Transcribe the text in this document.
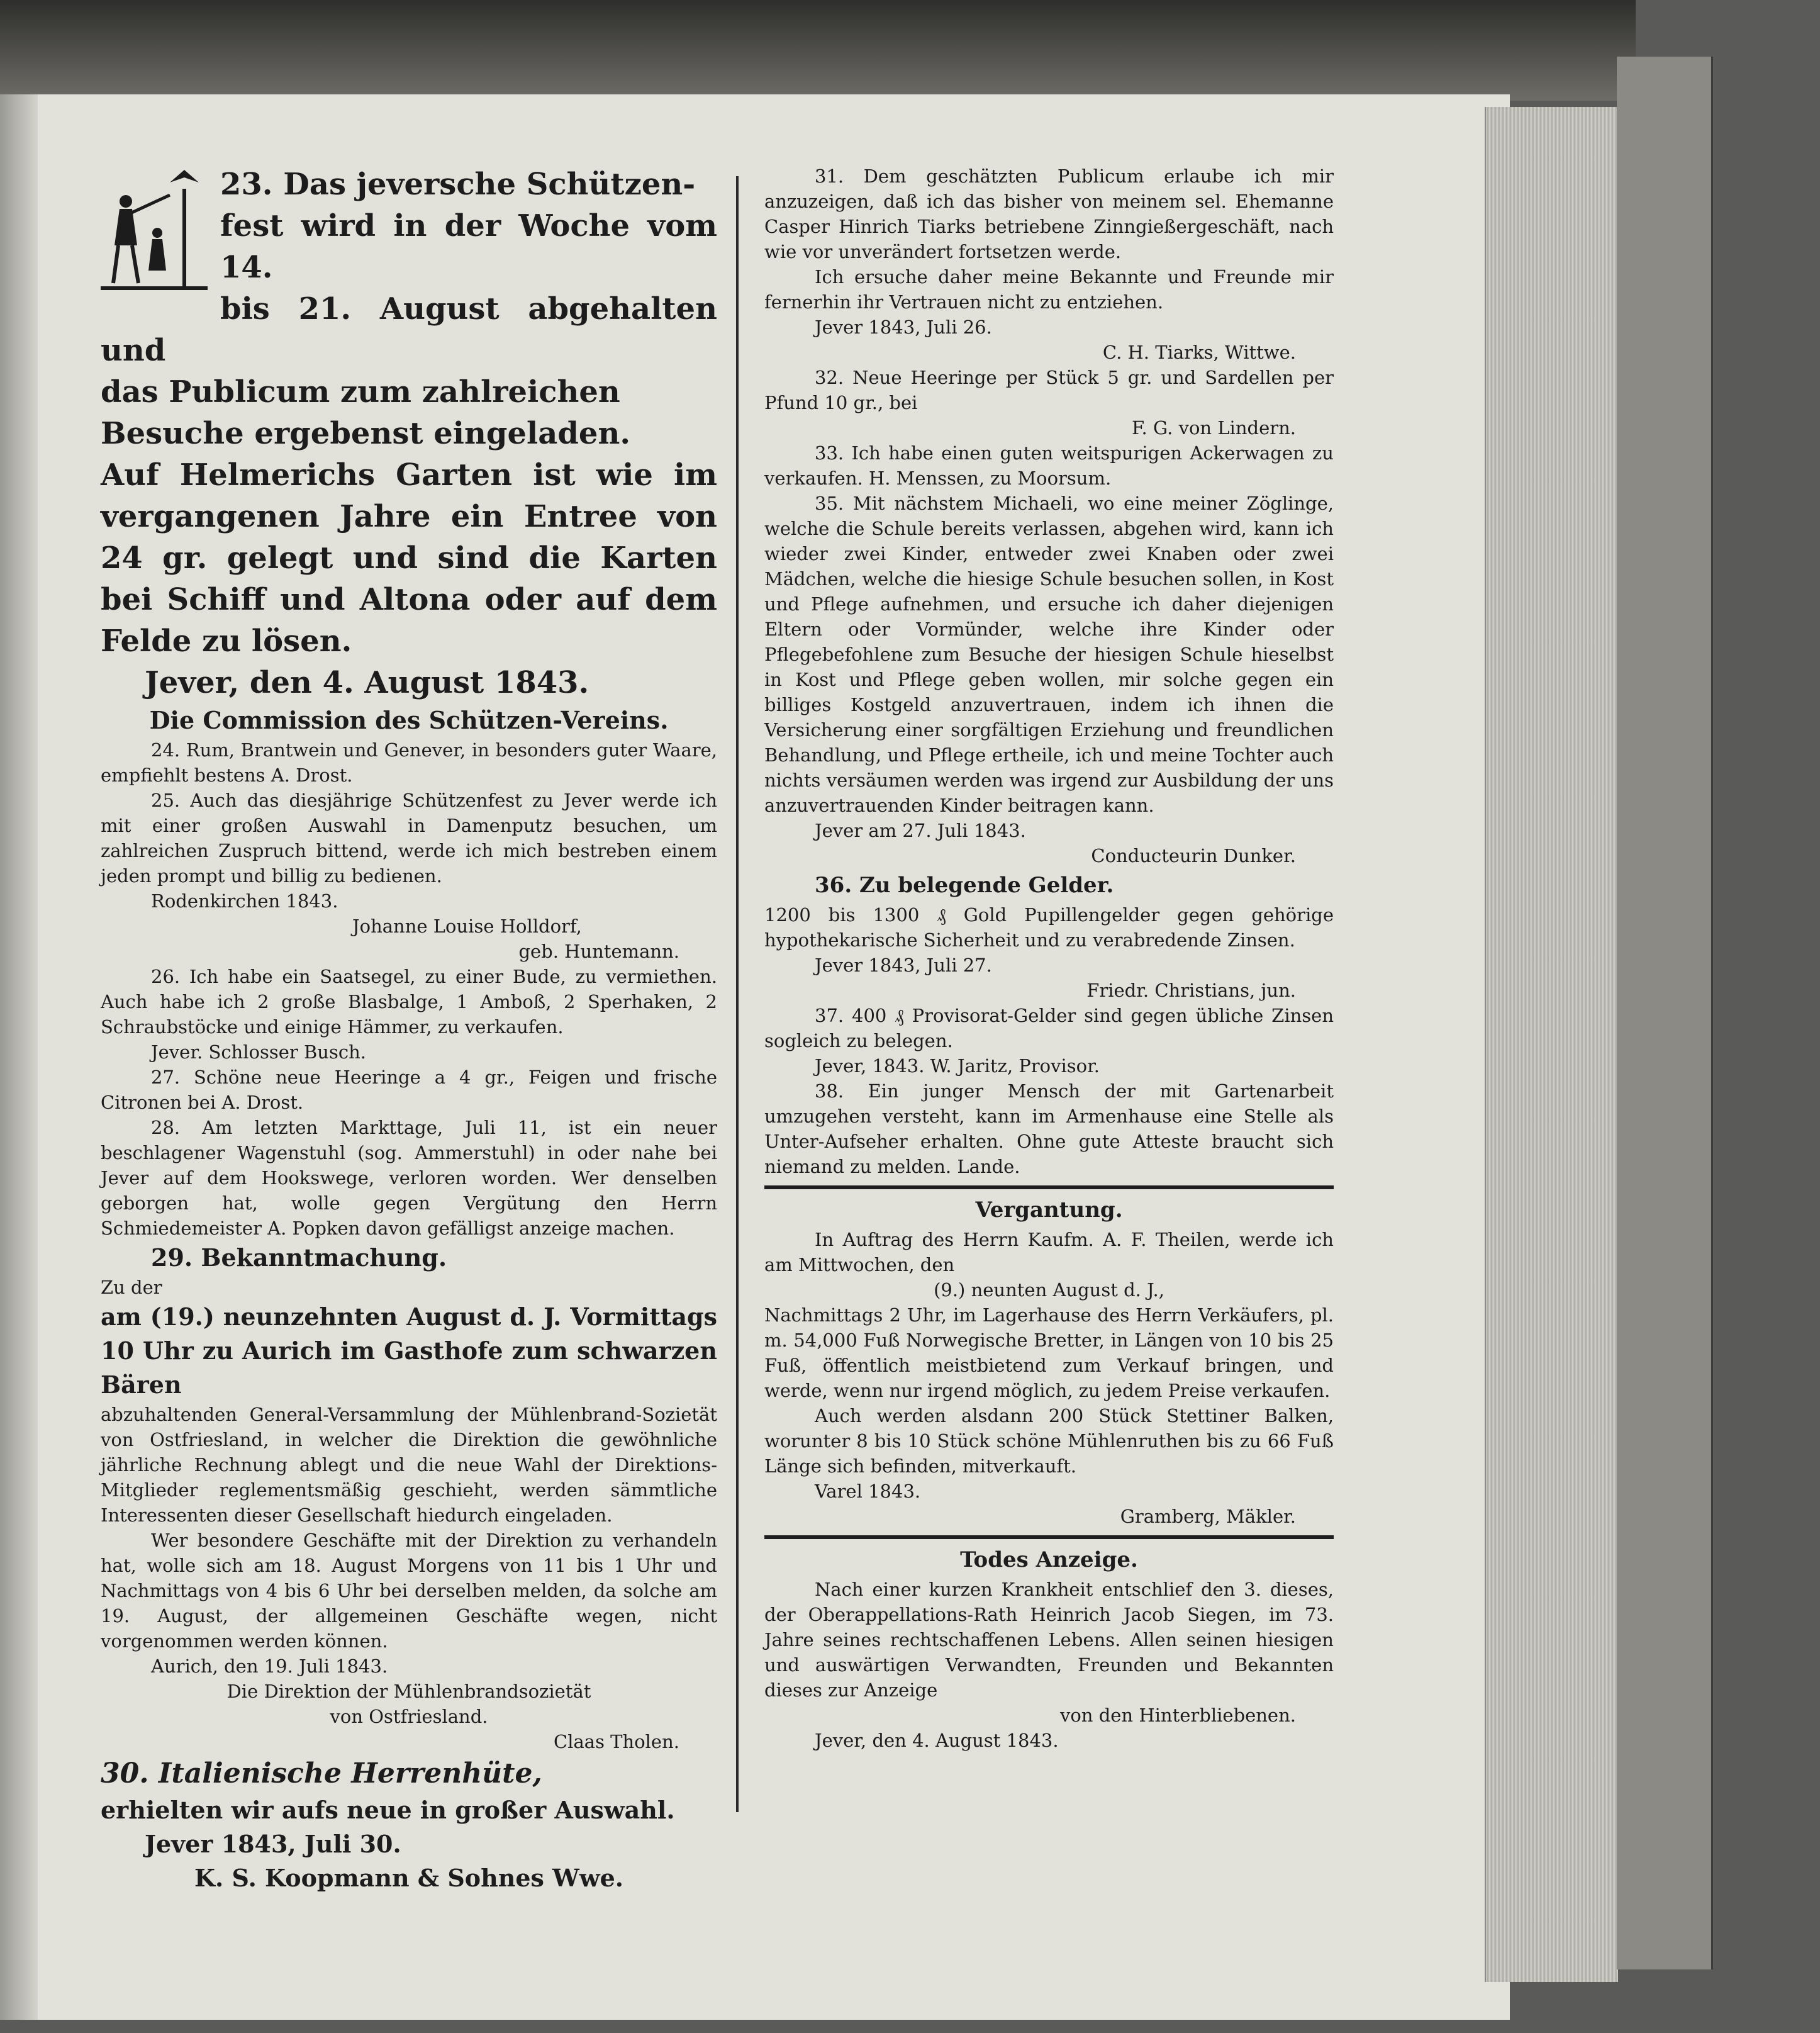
23. Das jeversche Schützen-

fest wird in der Woche vom 14.

bis 21. August abgehalten und

das Publicum zum zahlreichen

Besuche ergebenst eingeladen.

Auf Helmerichs Garten ist wie im vergangenen Jahre ein Entree von 24 gr. gelegt und sind die Karten bei Schiff und Altona oder auf dem Felde zu lösen.

Jever, den 4. August 1843.

Die Commission des Schützen-Vereins.

24. Rum, Brantwein und Genever, in besonders guter Waare, empfiehlt bestens A. Drost.

25. Auch das diesjährige Schützenfest zu Jever werde ich mit einer großen Auswahl in Damenputz besuchen, um zahlreichen Zuspruch bittend, werde ich mich bestreben einem jeden prompt und billig zu bedienen.

Rodenkirchen 1843.

Johanne Louise Holldorf,

geb. Huntemann.

26. Ich habe ein Saatsegel, zu einer Bude, zu vermiethen. Auch habe ich 2 große Blasbalge, 1 Amboß, 2 Sperhaken, 2 Schraubstöcke und einige Hämmer, zu verkaufen.

Jever. Schlosser Busch.

27. Schöne neue Heeringe a 4 gr., Feigen und frische Citronen bei A. Drost.

28. Am letzten Markttage, Juli 11, ist ein neuer beschlagener Wagenstuhl (sog. Ammerstuhl) in oder nahe bei Jever auf dem Hookswege, verloren worden. Wer denselben geborgen hat, wolle gegen Vergütung den Herrn Schmiedemeister A. Popken davon gefälligst anzeige machen.

29. Bekanntmachung.

Zu der

am (19.) neunzehnten August d. J. Vormittags 10 Uhr zu Aurich im Gasthofe zum schwarzen Bären

abzuhaltenden General-Versammlung der Mühlenbrand-Sozietät von Ostfriesland, in welcher die Direktion die gewöhnliche jährliche Rechnung ablegt und die neue Wahl der Direktions-Mitglieder reglementsmäßig geschieht, werden sämmtliche Interessenten dieser Gesellschaft hiedurch eingeladen.

Wer besondere Geschäfte mit der Direktion zu verhandeln hat, wolle sich am 18. August Morgens von 11 bis 1 Uhr und Nachmittags von 4 bis 6 Uhr bei derselben melden, da solche am 19. August, der allgemeinen Geschäfte wegen, nicht vorgenommen werden können.

Aurich, den 19. Juli 1843.

Die Direktion der Mühlenbrandsozietät

von Ostfriesland.

Claas Tholen.

30. Italienische Herrenhüte,

erhielten wir aufs neue in großer Auswahl.

Jever 1843, Juli 30.

K. S. Koopmann & Sohnes Wwe.

31. Dem geschätzten Publicum erlaube ich mir anzuzeigen, daß ich das bisher von meinem sel. Ehemanne Casper Hinrich Tiarks betriebene Zinngießergeschäft, nach wie vor unverändert fortsetzen werde.

Ich ersuche daher meine Bekannte und Freunde mir fernerhin ihr Vertrauen nicht zu entziehen.

Jever 1843, Juli 26.

C. H. Tiarks, Wittwe.

32. Neue Heeringe per Stück 5 gr. und Sardellen per Pfund 10 gr., bei

F. G. von Lindern.

33. Ich habe einen guten weitspurigen Ackerwagen zu verkaufen. H. Menssen, zu Moorsum.

35. Mit nächstem Michaeli, wo eine meiner Zöglinge, welche die Schule bereits verlassen, abgehen wird, kann ich wieder zwei Kinder, entweder zwei Knaben oder zwei Mädchen, welche die hiesige Schule besuchen sollen, in Kost und Pflege aufnehmen, und ersuche ich daher diejenigen Eltern oder Vormünder, welche ihre Kinder oder Pflegebefohlene zum Besuche der hiesigen Schule hieselbst in Kost und Pflege geben wollen, mir solche gegen ein billiges Kostgeld anzuvertrauen, indem ich ihnen die Versicherung einer sorgfältigen Erziehung und freundlichen Behandlung, und Pflege ertheile, ich und meine Tochter auch nichts versäumen werden was irgend zur Ausbildung der uns anzuvertrauenden Kinder beitragen kann.

Jever am 27. Juli 1843.

Conducteurin Dunker.

36. Zu belegende Gelder.

1200 bis 1300 ₰ Gold Pupillengelder gegen gehörige hypothekarische Sicherheit und zu verabredende Zinsen.

Jever 1843, Juli 27.

Friedr. Christians, jun.

37. 400 ₰ Provisorat-Gelder sind gegen übliche Zinsen sogleich zu belegen.

Jever, 1843. W. Jaritz, Provisor.

38. Ein junger Mensch der mit Gartenarbeit umzugehen versteht, kann im Armenhause eine Stelle als Unter-Aufseher erhalten. Ohne gute Atteste braucht sich niemand zu melden. Lande.

Vergantung.

In Auftrag des Herrn Kaufm. A. F. Theilen, werde ich am Mittwochen, den

(9.) neunten August d. J.,

Nachmittags 2 Uhr, im Lagerhause des Herrn Verkäufers, pl. m. 54,000 Fuß Norwegische Bretter, in Längen von 10 bis 25 Fuß, öffentlich meistbietend zum Verkauf bringen, und werde, wenn nur irgend möglich, zu jedem Preise verkaufen.

Auch werden alsdann 200 Stück Stettiner Balken, worunter 8 bis 10 Stück schöne Mühlenruthen bis zu 66 Fuß Länge sich befinden, mitverkauft.

Varel 1843.

Gramberg, Mäkler.

Todes Anzeige.

Nach einer kurzen Krankheit entschlief den 3. dieses, der Oberappellations-Rath Heinrich Jacob Siegen, im 73. Jahre seines rechtschaffenen Lebens. Allen seinen hiesigen und auswärtigen Verwandten, Freunden und Bekannten dieses zur Anzeige

von den Hinterbliebenen.

Jever, den 4. August 1843.
